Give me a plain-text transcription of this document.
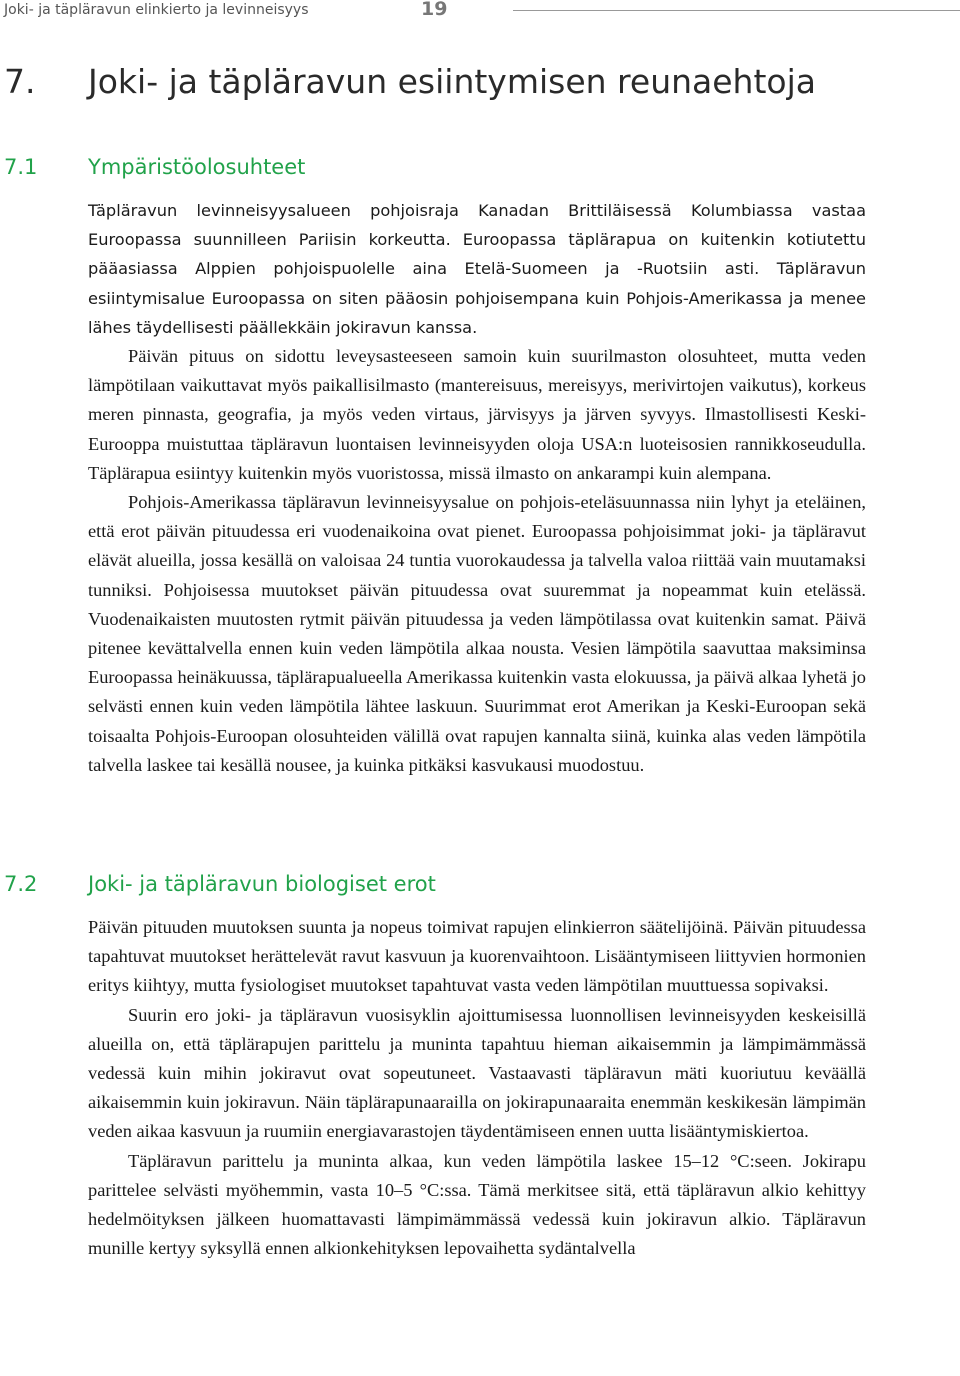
Joki- ja täpläravun elinkierto ja levinneisyys	19
7. Joki- ja täpläravun esiintymisen reunaehtoja
7.1 Ympäristöolosuhteet

Täpläravun levinneisyysalueen pohjoisraja Kanadan Brittiläisessä Kolumbiassa vastaa Euroopassa suunnilleen Pariisin korkeutta. Euroopassa täplärapua on kuitenkin kotiutettu pääasiassa Alppien pohjoispuolelle aina Etelä-Suomeen ja -Ruotsiin asti. Täpläravun esiintymisalue Euroopassa on siten pääosin pohjoisempana kuin Pohjois-Amerikassa ja menee lähes täydellisesti päällekkäin jokiravun kanssa.

Päivän pituus on sidottu leveysasteeseen samoin kuin suurilmaston olosuhteet, mutta veden lämpötilaan vaikuttavat myös paikallisilmasto (mantereisuus, mereisyys, merivirtojen vaikutus), korkeus meren pinnasta, geografia, ja myös veden virtaus, järvisyys ja järven syvyys. Ilmastollisesti Keski-Eurooppa muistuttaa täpläravun luontaisen levinneisyyden oloja USA:n luoteisosien rannikkoseudulla. Täplärapua esiintyy kuitenkin myös vuoristossa, missä ilmasto on ankarampi kuin alempana.

Pohjois-Amerikassa täpläravun levinneisyysalue on pohjois-eteläsuunnassa niin lyhyt ja eteläinen, että erot päivän pituudessa eri vuodenaikoina ovat pienet. Euroopassa pohjoisimmat joki- ja täpläravut elävät alueilla, jossa kesällä on valoisaa 24 tuntia vuorokaudessa ja talvella valoa riittää vain muutamaksi tunniksi. Pohjoisessa muutokset päivän pituudessa ovat suuremmat ja nopeammat kuin etelässä. Vuodenaikaisten muutosten rytmit päivän pituudessa ja veden lämpötilassa ovat kuitenkin samat. Päivä pitenee kevättalvella ennen kuin veden lämpötila alkaa nousta. Vesien lämpötila saavuttaa maksiminsa Euroopassa heinäkuussa, täplärapualueella Amerikassa kuitenkin vasta elokuussa, ja päivä alkaa lyhetä jo selvästi ennen kuin veden lämpötila lähtee laskuun. Suurimmat erot Amerikan ja Keski-Euroopan sekä toisaalta Pohjois-Euroopan olosuhteiden välillä ovat rapujen kannalta siinä, kuinka alas veden lämpötila talvella laskee tai kesällä nousee, ja kuinka pitkäksi kasvukausi muodostuu.

7.2 Joki- ja täpläravun biologiset erot

Päivän pituuden muutoksen suunta ja nopeus toimivat rapujen elinkierron säätelijöinä. Päivän pituudessa tapahtuvat muutokset herättelevät ravut kasvuun ja kuorenvaihtoon. Lisääntymiseen liittyvien hormonien eritys kiihtyy, mutta fysiologiset muutokset tapahtuvat vasta veden lämpötilan muuttuessa sopivaksi.

Suurin ero joki- ja täpläravun vuosisyklin ajoittumisessa luonnollisen levinneisyyden keskeisillä alueilla on, että täplärapujen parittelu ja muninta tapahtuu hieman aikaisemmin ja lämpimämmässä vedessä kuin mihin jokiravut ovat sopeutuneet. Vastaavasti täpläravun mäti kuoriutuu keväällä aikaisemmin kuin jokiravun. Näin täplärapunaarailla on jokirapunaaraita enemmän keskikesän lämpimän veden aikaa kasvuun ja ruumiin energiavarastojen täydentämiseen ennen uutta lisääntymiskiertoa.

Täpläravun parittelu ja muninta alkaa, kun veden lämpötila laskee 15–12 °C:seen. Jokirapu parittelee selvästi myöhemmin, vasta 10–5 °C:ssa. Tämä merkitsee sitä, että täpläravun alkio kehittyy hedelmöityksen jälkeen huomattavasti lämpimämmässä vedessä kuin jokiravun alkio. Täpläravun munille kertyy syksyllä ennen alkionkehityksen lepovaihetta sydäntalvella
